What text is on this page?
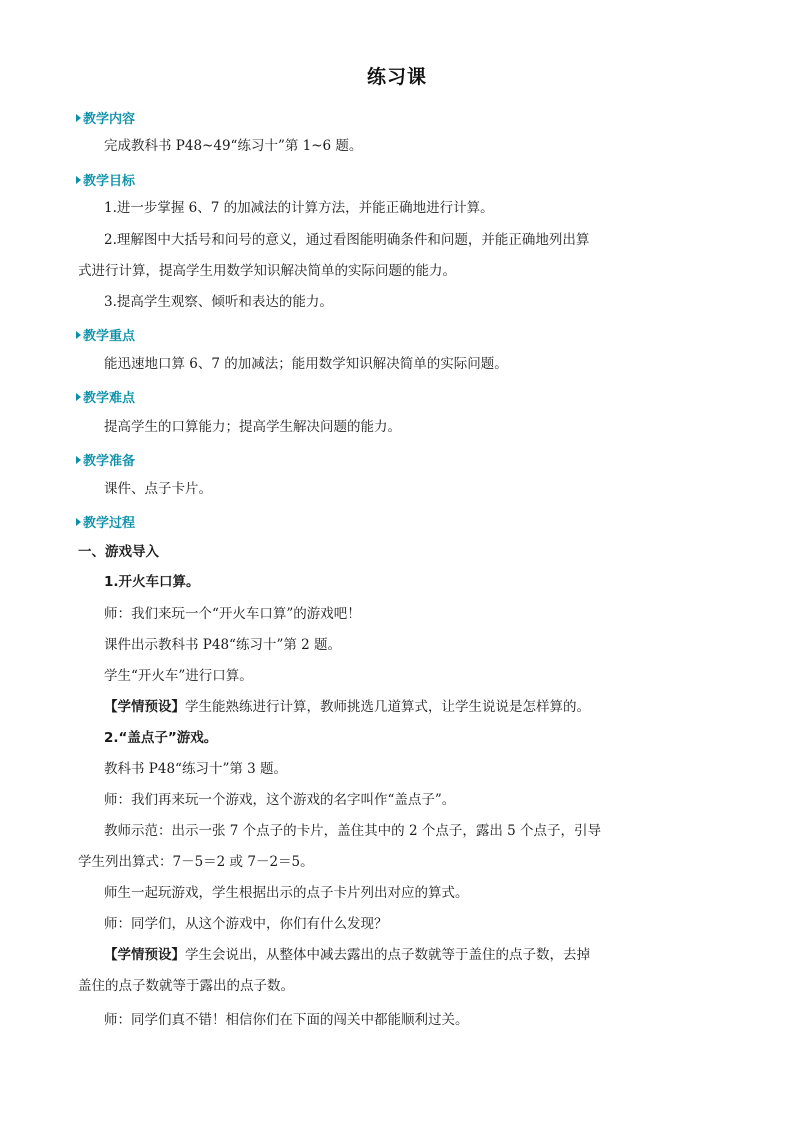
练习课
教学内容
完成教科书 P48~49“练习十”第 1~6 题。
教学目标
1.进一步掌握 6、7 的加减法的计算方法，并能正确地进行计算。
2.理解图中大括号和问号的意义，通过看图能明确条件和问题，并能正确地列出算
式进行计算，提高学生用数学知识解决简单的实际问题的能力。
3.提高学生观察、倾听和表达的能力。
教学重点
能迅速地口算 6、7 的加减法；能用数学知识解决简单的实际问题。
教学难点
提高学生的口算能力；提高学生解决问题的能力。
教学准备
课件、点子卡片。
教学过程
一、游戏导入
1.开火车口算。
师：我们来玩一个“开火车口算”的游戏吧！
课件出示教科书 P48“练习十”第 2 题。
学生“开火车”进行口算。
【学情预设】学生能熟练进行计算，教师挑选几道算式，让学生说说是怎样算的。
2.“盖点子”游戏。
教科书 P48“练习十”第 3 题。
师：我们再来玩一个游戏，这个游戏的名字叫作“盖点子”。
教师示范：出示一张 7 个点子的卡片，盖住其中的 2 个点子，露出 5 个点子，引导
学生列出算式：7－5＝2 或 7－2＝5。
师生一起玩游戏，学生根据出示的点子卡片列出对应的算式。
师：同学们，从这个游戏中，你们有什么发现？
【学情预设】学生会说出，从整体中减去露出的点子数就等于盖住的点子数，去掉
盖住的点子数就等于露出的点子数。
师：同学们真不错！相信你们在下面的闯关中都能顺利过关。
